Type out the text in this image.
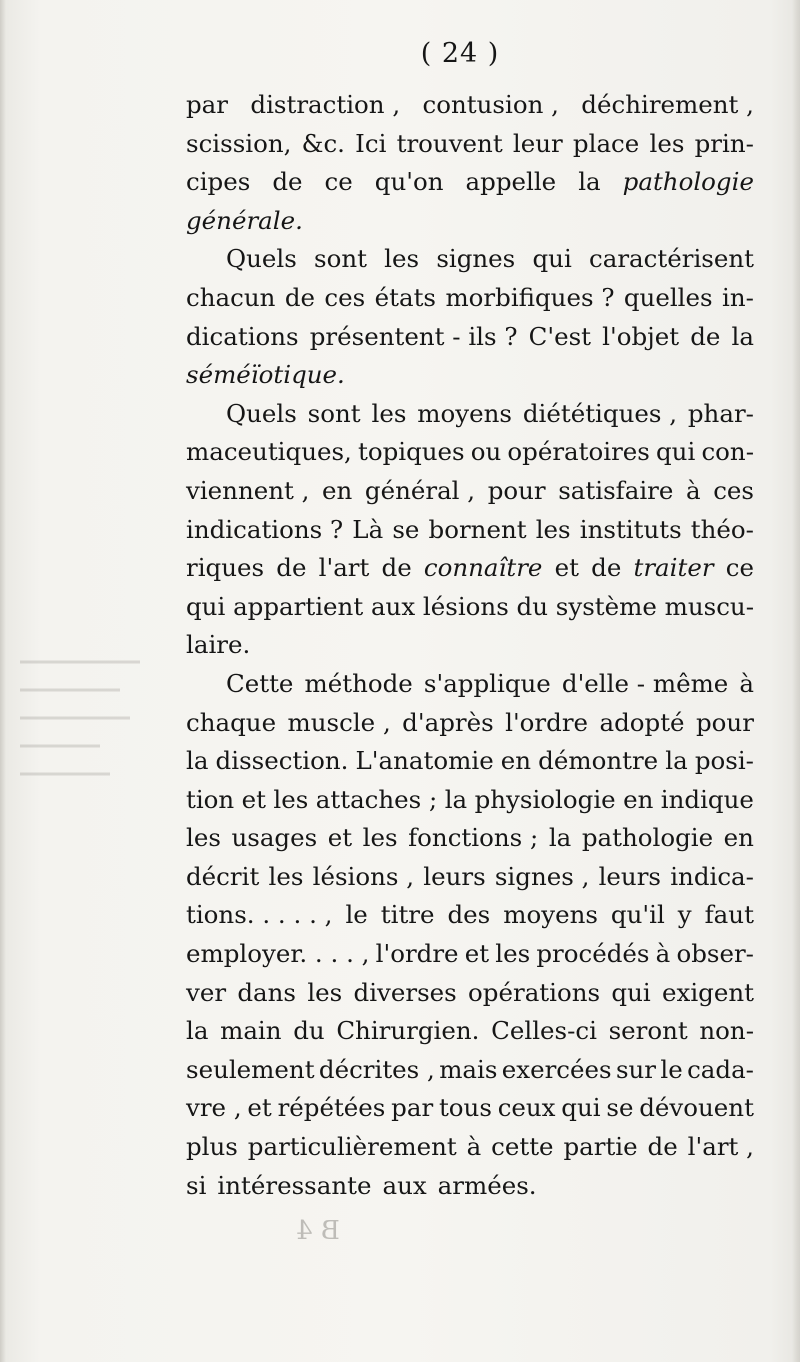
( 24 )
par distraction , contusion , déchirement ,
scission, &c. Ici trouvent leur place les prin-
cipes de ce qu'on appelle la pathologie
générale.
Quels sont les signes qui caractérisent
chacun de ces états morbifiques ? quelles in-
dications présentent - ils ? C'est l'objet de la
séméïotique.
Quels sont les moyens diététiques , phar-
maceutiques, topiques ou opératoires qui con-
viennent , en général , pour satisfaire à ces
indications ? Là se bornent les instituts théo-
riques de l'art de connaître et de traiter ce
qui appartient aux lésions du système muscu-
laire.
Cette méthode s'applique d'elle - même à
chaque muscle , d'après l'ordre adopté pour
la dissection. L'anatomie en démontre la posi-
tion et les attaches ; la physiologie en indique
les usages et les fonctions ; la pathologie en
décrit les lésions , leurs signes , leurs indica-
tions. . . . . , le titre des moyens qu'il y faut
employer. . . . , l'ordre et les procédés à obser-
ver dans les diverses opérations qui exigent
la main du Chirurgien. Celles-ci seront non-
seulement décrites , mais exercées sur le cada-
vre , et répétées par tous ceux qui se dévouent
plus particulièrement à cette partie de l'art ,
si intéressante aux armées.
B 4
